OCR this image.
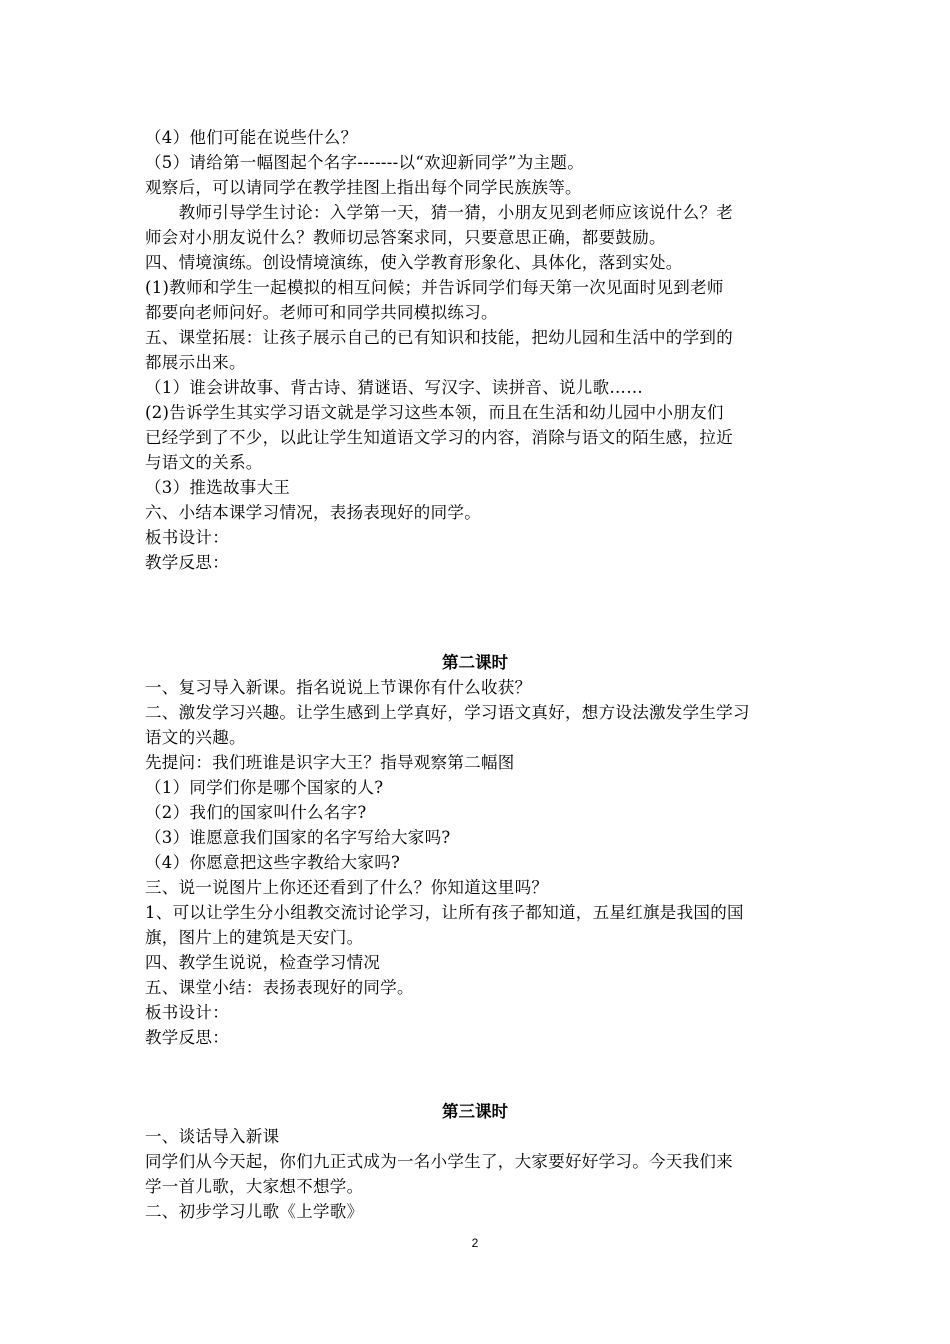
（4）他们可能在说些什么？
（5）请给第一幅图起个名字-------以“欢迎新同学”为主题。
观察后，可以请同学在教学挂图上指出每个同学民族族等。
　　教师引导学生讨论：入学第一天，猜一猜，小朋友见到老师应该说什么？老
师会对小朋友说什么？教师切忌答案求同，只要意思正确，都要鼓励。
四、情境演练。创设情境演练，使入学教育形象化、具体化，落到实处。
(1)教师和学生一起模拟的相互问候；并告诉同学们每天第一次见面时见到老师
都要向老师问好。老师可和同学共同模拟练习。
五、课堂拓展：让孩子展示自己的已有知识和技能，把幼儿园和生活中的学到的
都展示出来。
（1）谁会讲故事、背古诗、猜谜语、写汉字、读拼音、说儿歌……
(2)告诉学生其实学习语文就是学习这些本领，而且在生活和幼儿园中小朋友们
已经学到了不少，以此让学生知道语文学习的内容，消除与语文的陌生感，拉近
与语文的关系。
（3）推选故事大王
六、小结本课学习情况，表扬表现好的同学。
板书设计：
教学反思：
第二课时
一、复习导入新课。指名说说上节课你有什么收获？
二、激发学习兴趣。让学生感到上学真好，学习语文真好，想方设法激发学生学习
语文的兴趣。
先提问：我们班谁是识字大王？指导观察第二幅图
（1）同学们你是哪个国家的人?
（2）我们的国家叫什么名字?
（3）谁愿意我们国家的名字写给大家吗?
（4）你愿意把这些字教给大家吗?
三、说一说图片上你还还看到了什么？你知道这里吗？
1、可以让学生分小组教交流讨论学习，让所有孩子都知道，五星红旗是我国的国
旗，图片上的建筑是天安门。
四、教学生说说，检查学习情况
五、课堂小结：表扬表现好的同学。
板书设计：
教学反思：
第三课时
一、谈话导入新课
同学们从今天起，你们九正式成为一名小学生了，大家要好好学习。今天我们来
学一首儿歌，大家想不想学。
二、初步学习儿歌《上学歌》
2
